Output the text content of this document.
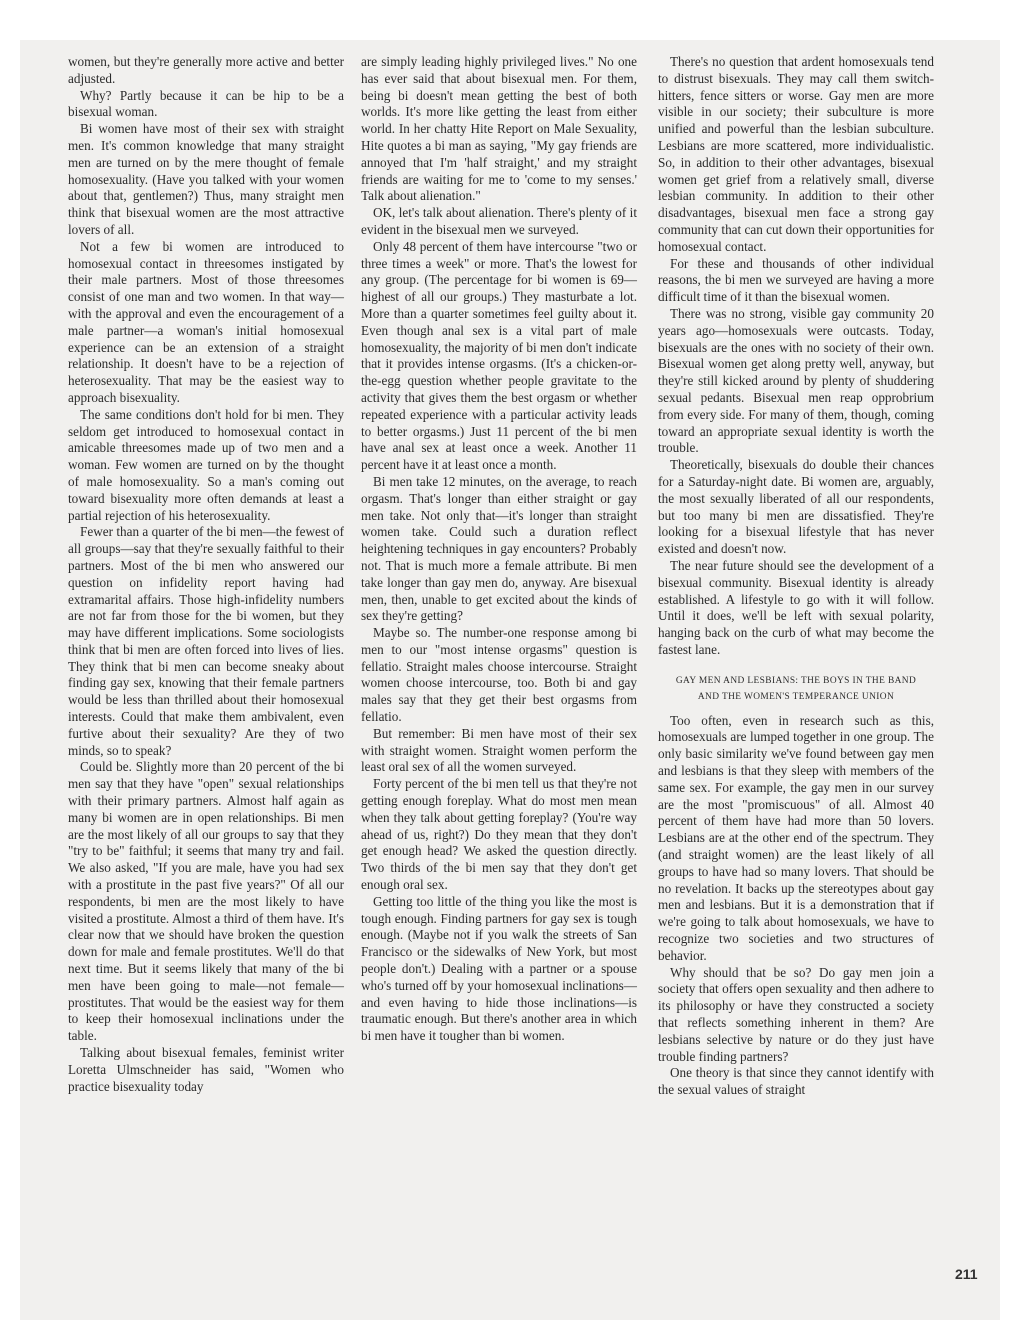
women, but they're generally more active and better adjusted.

Why? Partly because it can be hip to be a bisexual woman.

Bi women have most of their sex with straight men. It's common knowledge that many straight men are turned on by the mere thought of female homosexuality. (Have you talked with your women about that, gentlemen?) Thus, many straight men think that bisexual women are the most attractive lovers of all.

Not a few bi women are introduced to homosexual contact in threesomes instigated by their male partners. Most of those threesomes consist of one man and two women. In that way—with the approval and even the encouragement of a male partner—a woman's initial homosexual experience can be an extension of a straight relationship. It doesn't have to be a rejection of heterosexuality. That may be the easiest way to approach bisexuality.

The same conditions don't hold for bi men. They seldom get introduced to homosexual contact in amicable threesomes made up of two men and a woman. Few women are turned on by the thought of male homosexuality. So a man's coming out toward bisexuality more often demands at least a partial rejection of his heterosexuality.

Fewer than a quarter of the bi men—the fewest of all groups—say that they're sexually faithful to their partners. Most of the bi men who answered our question on infidelity report having had extramarital affairs. Those high-infidelity numbers are not far from those for the bi women, but they may have different implications. Some sociologists think that bi men are often forced into lives of lies. They think that bi men can become sneaky about finding gay sex, knowing that their female partners would be less than thrilled about their homosexual interests. Could that make them ambivalent, even furtive about their sexuality? Are they of two minds, so to speak?

Could be. Slightly more than 20 percent of the bi men say that they have "open" sexual relationships with their primary partners. Almost half again as many bi women are in open relationships. Bi men are the most likely of all our groups to say that they "try to be" faithful; it seems that many try and fail. We also asked, "If you are male, have you had sex with a prostitute in the past five years?" Of all our respondents, bi men are the most likely to have visited a prostitute. Almost a third of them have. It's clear now that we should have broken the question down for male and female prostitutes. We'll do that next time. But it seems likely that many of the bi men have been going to male—not female—prostitutes. That would be the easiest way for them to keep their homosexual inclinations under the table.

Talking about bisexual females, feminist writer Loretta Ulmschneider has said, "Women who practice bisexuality today

are simply leading highly privileged lives." No one has ever said that about bisexual men. For them, being bi doesn't mean getting the best of both worlds. It's more like getting the least from either world. In her chatty Hite Report on Male Sexuality, Hite quotes a bi man as saying, "My gay friends are annoyed that I'm 'half straight,' and my straight friends are waiting for me to 'come to my senses.' Talk about alienation."

OK, let's talk about alienation. There's plenty of it evident in the bisexual men we surveyed.

Only 48 percent of them have intercourse "two or three times a week" or more. That's the lowest for any group. (The percentage for bi women is 69—highest of all our groups.) They masturbate a lot. More than a quarter sometimes feel guilty about it. Even though anal sex is a vital part of male homosexuality, the majority of bi men don't indicate that it provides intense orgasms. (It's a chicken-or-the-egg question whether people gravitate to the activity that gives them the best orgasm or whether repeated experience with a particular activity leads to better orgasms.) Just 11 percent of the bi men have anal sex at least once a week. Another 11 percent have it at least once a month.

Bi men take 12 minutes, on the average, to reach orgasm. That's longer than either straight or gay men take. Not only that—it's longer than straight women take. Could such a duration reflect heightening techniques in gay encounters? Probably not. That is much more a female attribute. Bi men take longer than gay men do, anyway. Are bisexual men, then, unable to get excited about the kinds of sex they're getting?

Maybe so. The number-one response among bi men to our "most intense orgasms" question is fellatio. Straight males choose intercourse. Straight women choose intercourse, too. Both bi and gay males say that they get their best orgasms from fellatio.

But remember: Bi men have most of their sex with straight women. Straight women perform the least oral sex of all the women surveyed.

Forty percent of the bi men tell us that they're not getting enough foreplay. What do most men mean when they talk about getting foreplay? (You're way ahead of us, right?) Do they mean that they don't get enough head? We asked the question directly. Two thirds of the bi men say that they don't get enough oral sex.

Getting too little of the thing you like the most is tough enough. Finding partners for gay sex is tough enough. (Maybe not if you walk the streets of San Francisco or the sidewalks of New York, but most people don't.) Dealing with a partner or a spouse who's turned off by your homosexual inclinations—and even having to hide those inclinations—is traumatic enough. But there's another area in which bi men have it tougher than bi women.

There's no question that ardent homosexuals tend to distrust bisexuals. They may call them switch-hitters, fence sitters or worse. Gay men are more visible in our society; their subculture is more unified and powerful than the lesbian subculture. Lesbians are more scattered, more individualistic. So, in addition to their other advantages, bisexual women get grief from a relatively small, diverse lesbian community. In addition to their other disadvantages, bisexual men face a strong gay community that can cut down their opportunities for homosexual contact.

For these and thousands of other individual reasons, the bi men we surveyed are having a more difficult time of it than the bisexual women.

There was no strong, visible gay community 20 years ago—homosexuals were outcasts. Today, bisexuals are the ones with no society of their own. Bisexual women get along pretty well, anyway, but they're still kicked around by plenty of shuddering sexual pedants. Bisexual men reap opprobrium from every side. For many of them, though, coming toward an appropriate sexual identity is worth the trouble.

Theoretically, bisexuals do double their chances for a Saturday-night date. Bi women are, arguably, the most sexually liberated of all our respondents, but too many bi men are dissatisfied. They're looking for a bisexual lifestyle that has never existed and doesn't now.

The near future should see the development of a bisexual community. Bisexual identity is already established. A lifestyle to go with it will follow. Until it does, we'll be left with sexual polarity, hanging back on the curb of what may become the fastest lane.

GAY MEN AND LESBIANS: THE BOYS IN THE BAND
AND THE WOMEN'S TEMPERANCE UNION

Too often, even in research such as this, homosexuals are lumped together in one group. The only basic similarity we've found between gay men and lesbians is that they sleep with members of the same sex. For example, the gay men in our survey are the most "promiscuous" of all. Almost 40 percent of them have had more than 50 lovers. Lesbians are at the other end of the spectrum. They (and straight women) are the least likely of all groups to have had so many lovers. That should be no revelation. It backs up the stereotypes about gay men and lesbians. But it is a demonstration that if we're going to talk about homosexuals, we have to recognize two societies and two structures of behavior.

Why should that be so? Do gay men join a society that offers open sexuality and then adhere to its philosophy or have they constructed a society that reflects something inherent in them? Are lesbians selective by nature or do they just have trouble finding partners?

One theory is that since they cannot identify with the sexual values of straight

211
